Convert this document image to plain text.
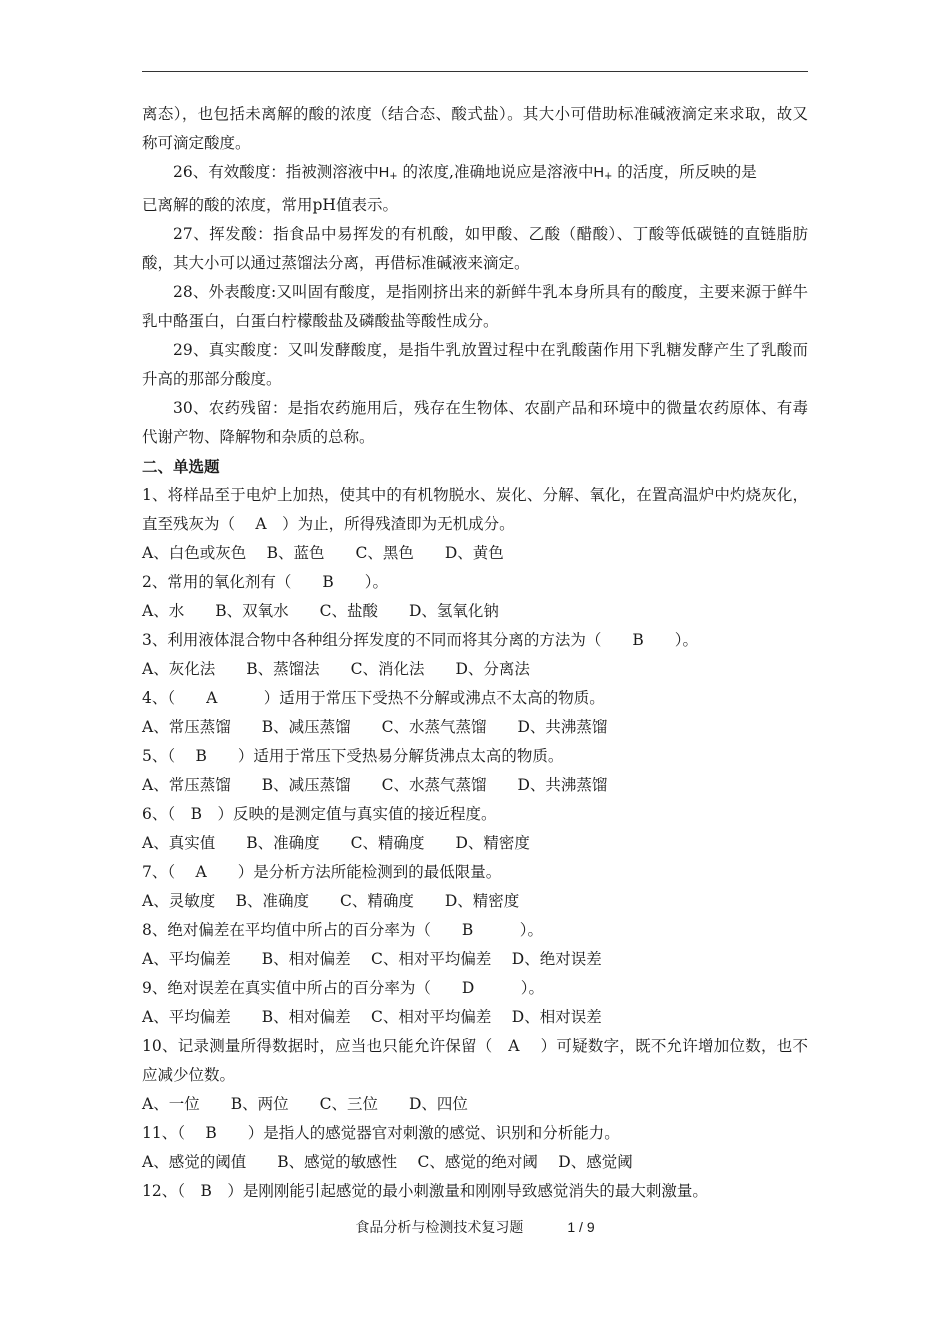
离态），也包括未离解的酸的浓度（结合态、酸式盐）。其大小可借助标准碱液滴定来求取，故又称可滴定酸度。
26、有效酸度：指被测溶液中$H_+$ 的浓度,准确地说应是溶液中$H_+$ 的活度，所反映的是
已离解的酸的浓度，常用pH值表示。
27、挥发酸：指食品中易挥发的有机酸，如甲酸、乙酸（醋酸）、丁酸等低碳链的直链脂肪酸，其大小可以通过蒸馏法分离，再借标准碱液来滴定。
28、外表酸度:又叫固有酸度，是指刚挤出来的新鲜牛乳本身所具有的酸度，主要来源于鲜牛乳中酪蛋白，白蛋白柠檬酸盐及磷酸盐等酸性成分。
29、真实酸度：又叫发酵酸度，是指牛乳放置过程中在乳酸菌作用下乳糖发酵产生了乳酸而升高的那部分酸度。
30、农药残留：是指农药施用后，残存在生物体、农副产品和环境中的微量农药原体、有毒代谢产物、降解物和杂质的总称。
二、单选题
1、将样品至于电炉上加热，使其中的有机物脱水、炭化、分解、氧化，在置高温炉中灼烧灰化，直至残灰为（　 A　）为止，所得残渣即为无机成分。
A、白色或灰色　 B、蓝色　　C、黑色　　D、黄色
2、常用的氧化剂有（　　B　　）。
A、水　　B、双氧水　　C、盐酸　　D、氢氧化钠
3、利用液体混合物中各种组分挥发度的不同而将其分离的方法为（　　B　　）。
A、灰化法　　B、蒸馏法　　C、消化法　　D、分离法
4、（　　A　　　）适用于常压下受热不分解或沸点不太高的物质。
A、常压蒸馏　　B、减压蒸馏　　C、水蒸气蒸馏　　D、共沸蒸馏
5、（　 B　　）适用于常压下受热易分解货沸点太高的物质。
A、常压蒸馏　　B、减压蒸馏　　C、水蒸气蒸馏　　D、共沸蒸馏
6、（　B　）反映的是测定值与真实值的接近程度。
A、真实值　　B、准确度　　C、精确度　　D、精密度
7、（　 A　　）是分析方法所能检测到的最低限量。
A、灵敏度　 B、准确度　　C、精确度　　D、精密度
8、绝对偏差在平均值中所占的百分率为（　　B　　　）。
A、平均偏差　　B、相对偏差　 C、相对平均偏差　 D、绝对误差
9、绝对误差在真实值中所占的百分率为（　　D　　　）。
A、平均偏差　　B、相对偏差　 C、相对平均偏差　 D、相对误差
10、记录测量所得数据时，应当也只能允许保留（　A　 ）可疑数字，既不允许增加位数，也不应减少位数。
A、一位　　B、两位　　C、三位　　D、四位
11、（　 B　　）是指人的感觉器官对刺激的感觉、识别和分析能力。
A、感觉的阈值　　B、感觉的敏感性　 C、感觉的绝对阈　 D、感觉阈
12、（　B　）是刚刚能引起感觉的最小刺激量和刚刚导致感觉消失的最大刺激量。
食品分析与检测技术复习题	1 / 9
